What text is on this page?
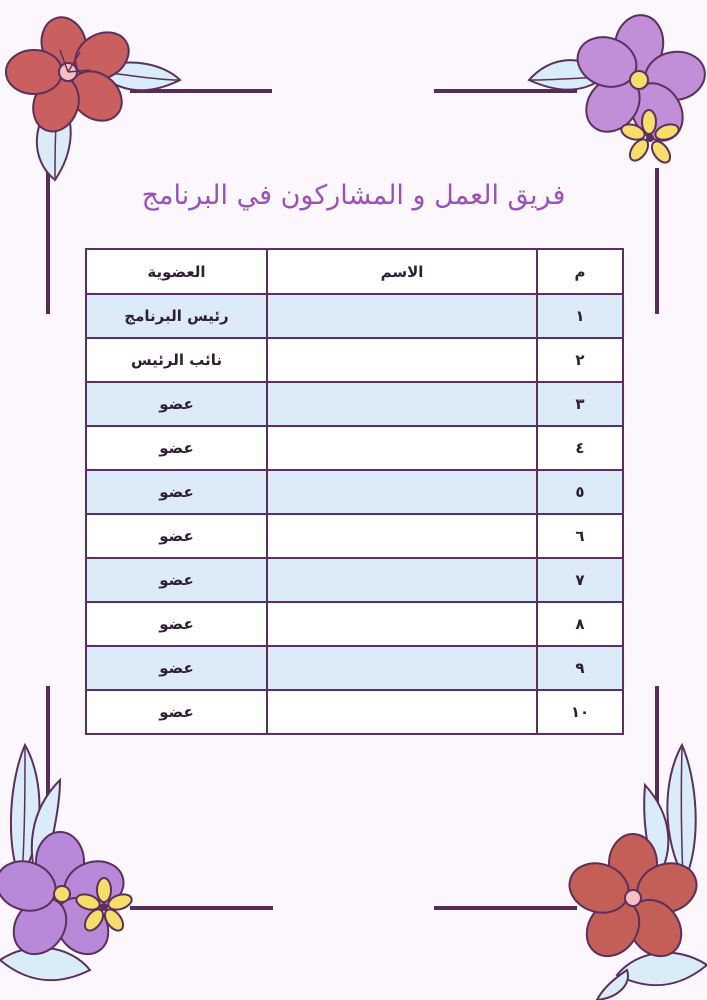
فريق العمل و المشاركون في البرنامج
م	الاسم	العضوية
١		رئيس البرنامج
٢		نائب الرئيس
٣		عضو
٤		عضو
٥		عضو
٦		عضو
٧		عضو
٨		عضو
٩		عضو
١٠		عضو
